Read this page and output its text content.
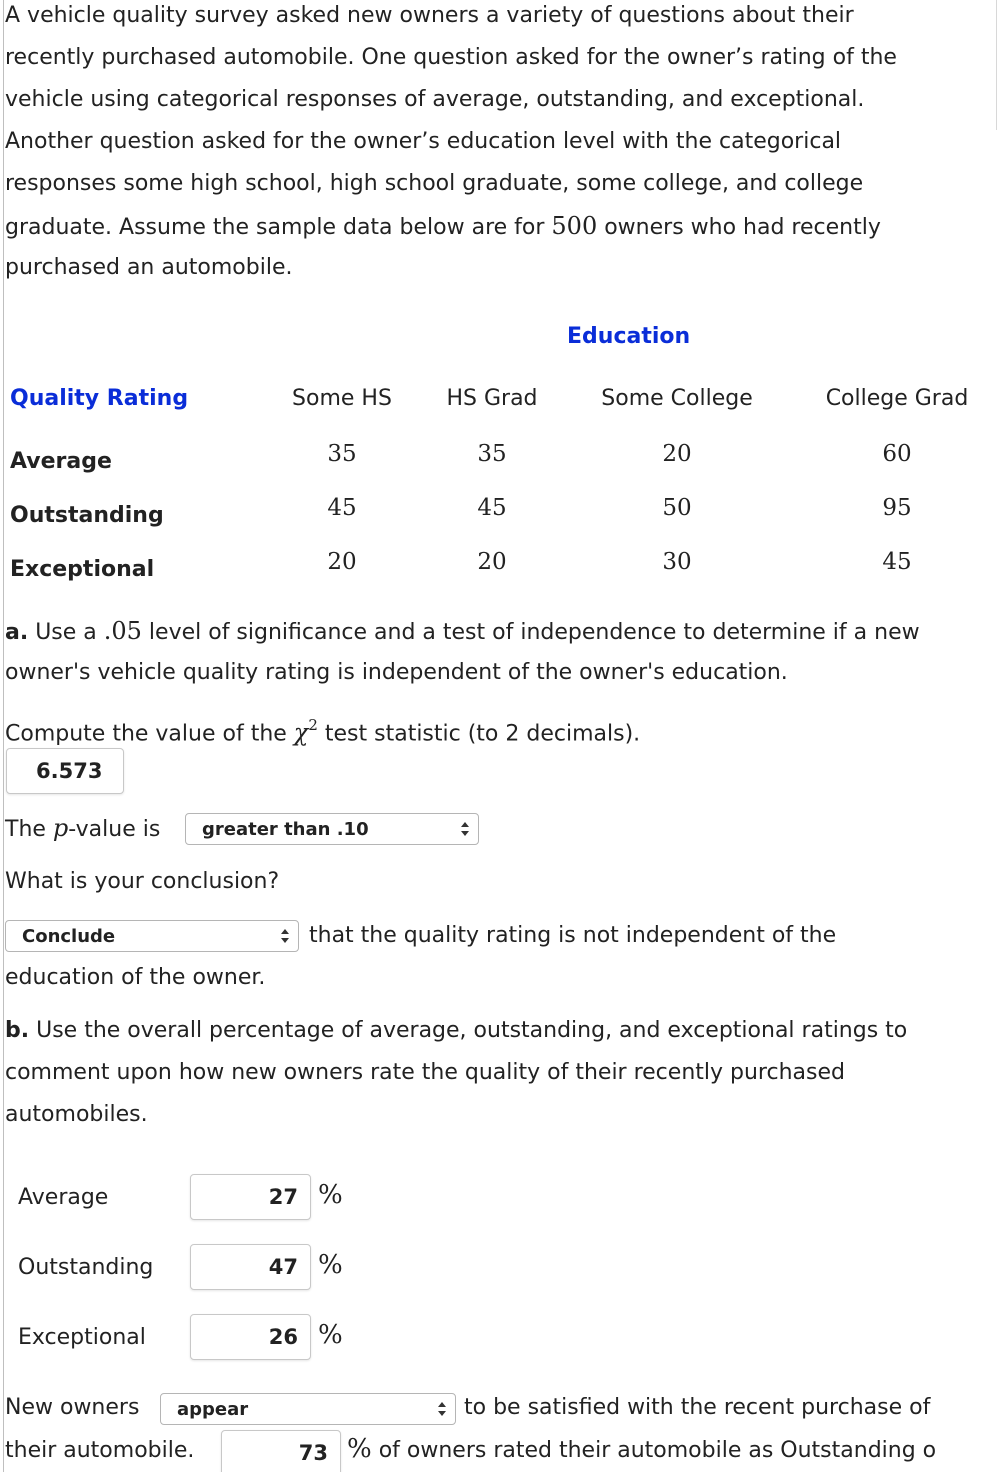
A vehicle quality survey asked new owners a variety of questions about their
recently purchased automobile. One question asked for the owner’s rating of the
vehicle using categorical responses of average, outstanding, and exceptional.
Another question asked for the owner’s education level with the categorical
responses some high school, high school graduate, some college, and college
graduate. Assume the sample data below are for 500 owners who had recently
purchased an automobile.
Education
Quality Rating	Some HS	HS Grad	Some College	College Grad
Average	35	35	20	60
Outstanding	45	45	50	95
Exceptional	20	20	30	45
a. Use a .05 level of significance and a test of independence to determine if a new
owner's vehicle quality rating is independent of the owner's education.
Compute the value of the $\chi^2$ test statistic (to 2 decimals).
6.573
The p-value is greater than .10
What is your conclusion?
Conclude	that the quality rating is not independent of the
education of the owner.
b. Use the overall percentage of average, outstanding, and exceptional ratings to
comment upon how new owners rate the quality of their recently purchased
automobiles.
Average	27 %
Outstanding	47 %
Exceptional	26 %
New owners appear	to be satisfied with the recent purchase of
their automobile.	73 % of owners rated their automobile as Outstanding o
